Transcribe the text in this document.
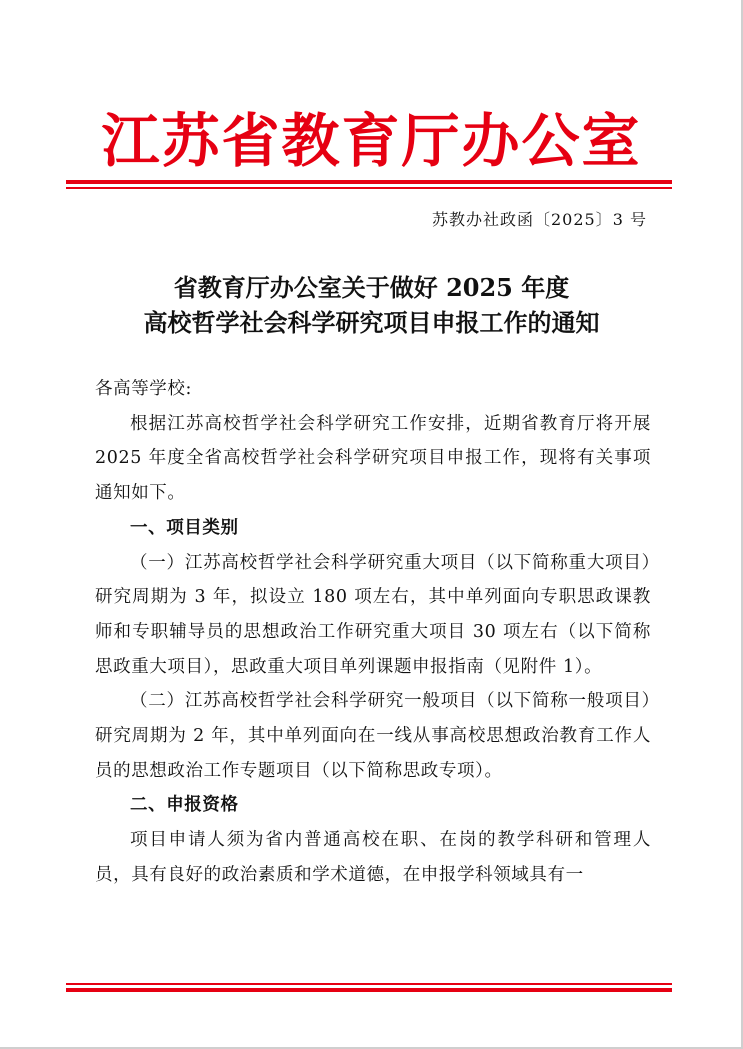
江苏省教育厅办公室
苏教办社政函〔2025〕3 号
省教育厅办公室关于做好 2025 年度
高校哲学社会科学研究项目申报工作的通知

各高等学校:

根据江苏高校哲学社会科学研究工作安排，近期省教育厅将开展 2025 年度全省高校哲学社会科学研究项目申报工作，现将有关事项通知如下。

一、项目类别

（一）江苏高校哲学社会科学研究重大项目（以下简称重大项目）研究周期为 3 年，拟设立 180 项左右，其中单列面向专职思政课教师和专职辅导员的思想政治工作研究重大项目 30 项左右（以下简称思政重大项目），思政重大项目单列课题申报指南（见附件 1）。

（二）江苏高校哲学社会科学研究一般项目（以下简称一般项目）研究周期为 2 年，其中单列面向在一线从事高校思想政治教育工作人员的思想政治工作专题项目（以下简称思政专项）。

二、申报资格

项目申请人须为省内普通高校在职、在岗的教学科研和管理人员，具有良好的政治素质和学术道德，在申报学科领域具有一
